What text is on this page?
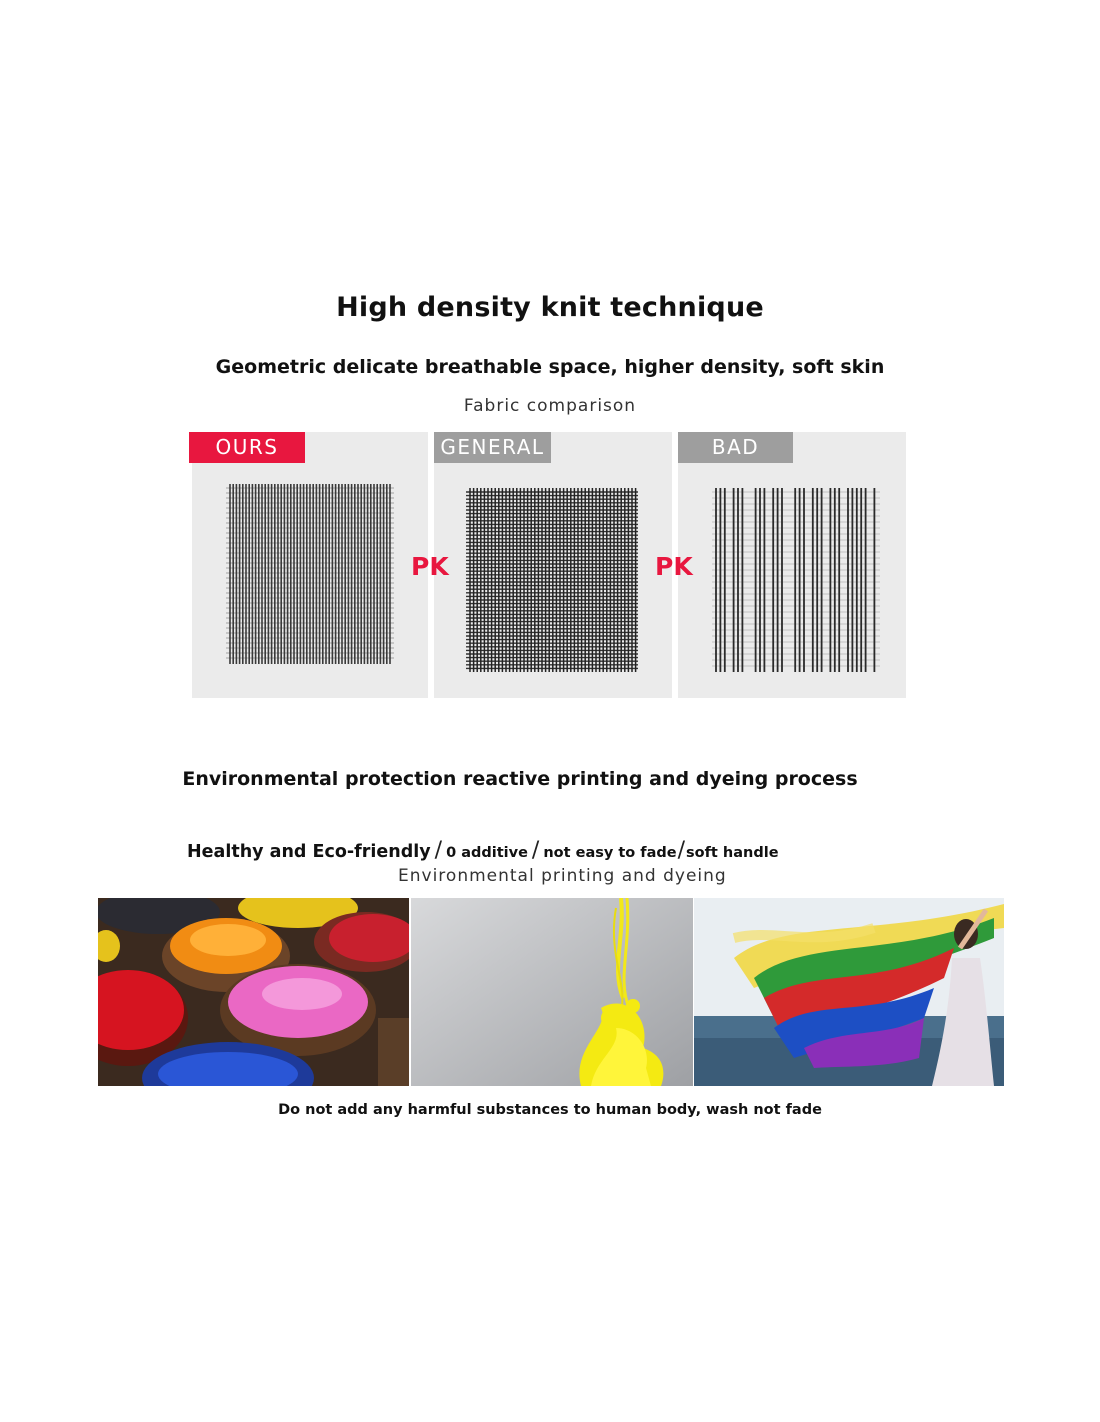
High density knit technique
Geometric delicate breathable space, higher density, soft skin
Fabric comparison
OURS	GENERAL	BAD
PK	PK
Environmental protection reactive printing and dyeing process
Healthy and Eco-friendly / 0 additive / not easy to fade/soft handle
Environmental printing and dyeing
Do not add any harmful substances to human body, wash not fade
